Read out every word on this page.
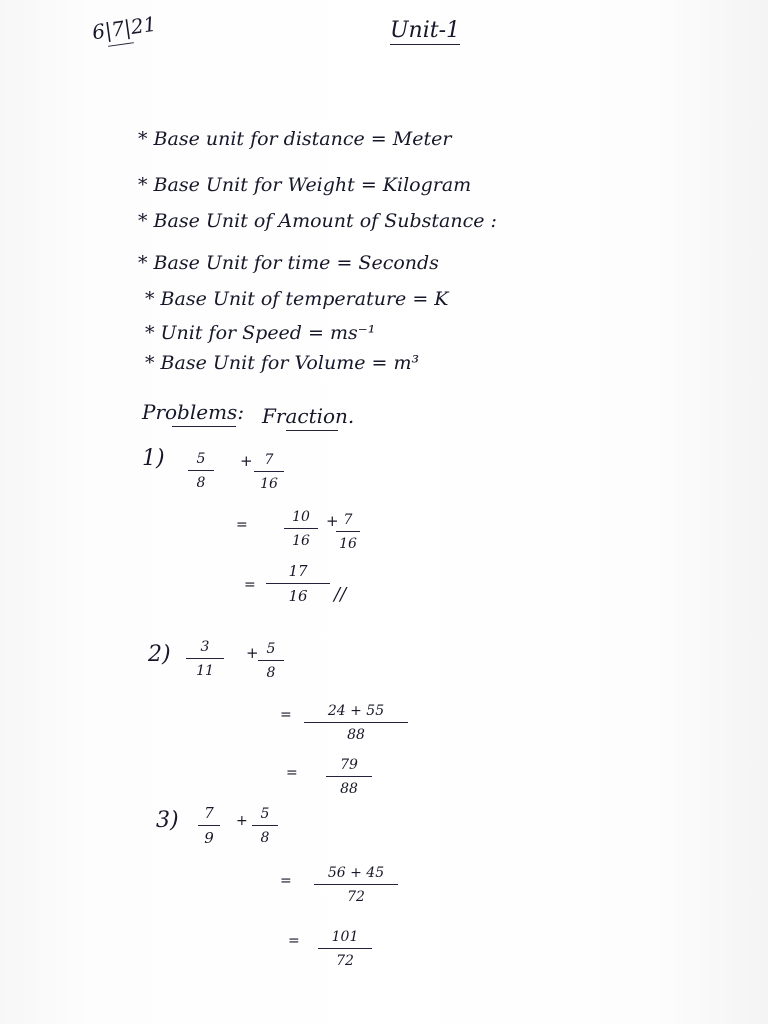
6|7|21	Unit-1
* Base unit for distance = Meter
* Base Unit for Weight = Kilogram
* Base Unit of Amount of Substance :
* Base Unit for time = Seconds
* Base Unit of temperature = K
* Unit for Speed = ms⁻¹
* Base Unit for Volume = m³
Problems: Fraction.
1) 5
8
+ 7
16
=	10
16
+ 7
16
=
17
16 //
2) 3
11
+ 5
8
=	24 + 55
88
=	79
88
3) 7
9
+ 5
8
=	56 + 45
72
= 101
72
